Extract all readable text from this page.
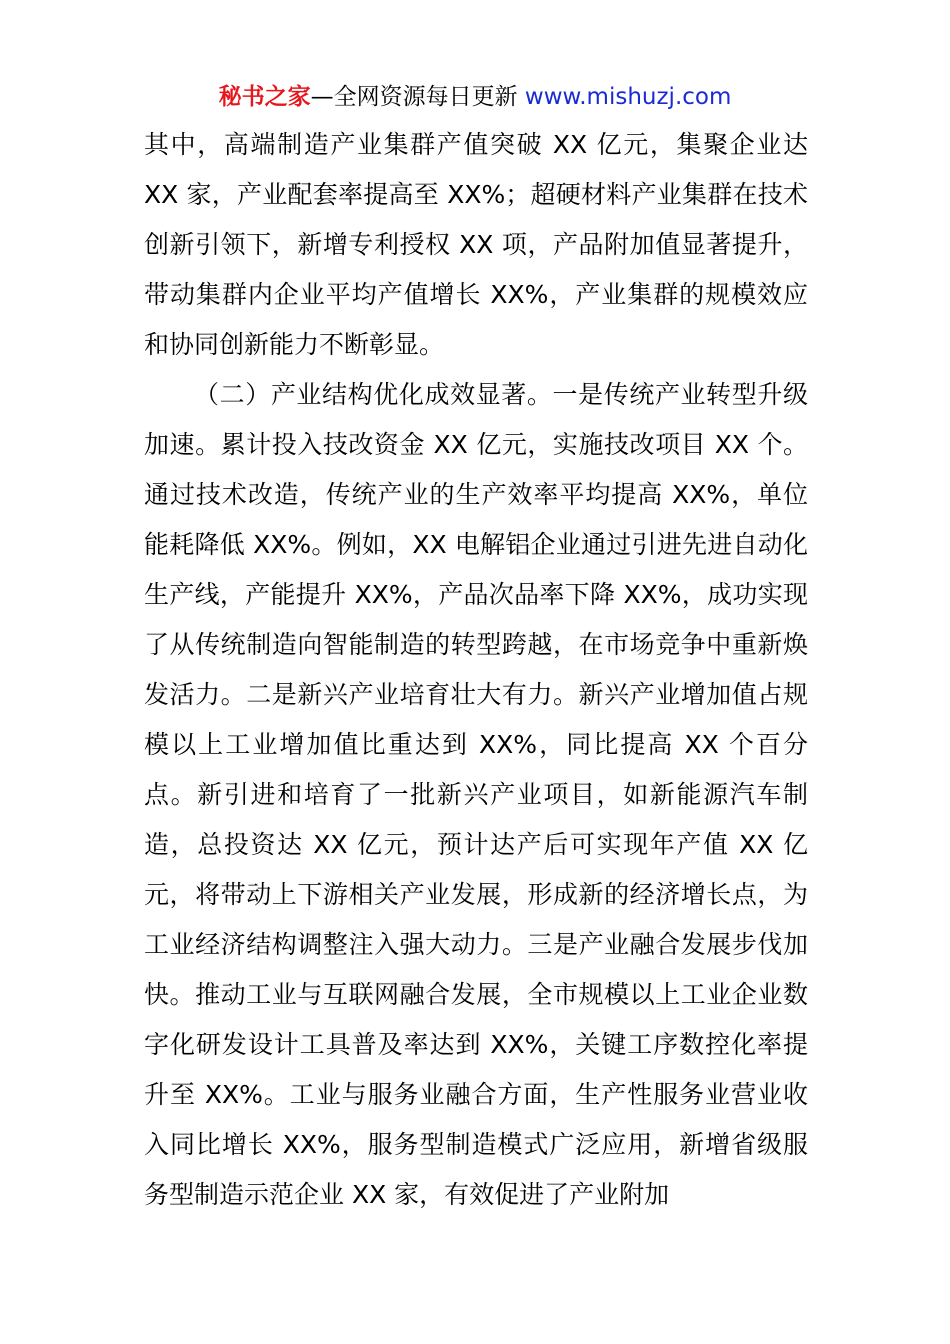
秘书之家—全网资源每日更新 www.mishuzj.com

其中，高端制造产业集群产值突破 XX 亿元，集聚企业达 XX 家，产业配套率提高至 XX%；超硬材料产业集群在技术创新引领下，新增专利授权 XX 项，产品附加值显著提升，带动集群内企业平均产值增长 XX%，产业集群的规模效应和协同创新能力不断彰显。

（二）产业结构优化成效显著。一是传统产业转型升级加速。累计投入技改资金 XX 亿元，实施技改项目 XX 个。通过技术改造，传统产业的生产效率平均提高 XX%，单位能耗降低 XX%。例如，XX 电解铝企业通过引进先进自动化生产线，产能提升 XX%，产品次品率下降 XX%，成功实现了从传统制造向智能制造的转型跨越，在市场竞争中重新焕发活力。二是新兴产业培育壮大有力。新兴产业增加值占规模以上工业增加值比重达到 XX%，同比提高 XX 个百分点。新引进和培育了一批新兴产业项目，如新能源汽车制造，总投资达 XX 亿元，预计达产后可实现年产值 XX 亿元，将带动上下游相关产业发展，形成新的经济增长点，为工业经济结构调整注入强大动力。三是产业融合发展步伐加快。推动工业与互联网融合发展，全市规模以上工业企业数字化研发设计工具普及率达到 XX%，关键工序数控化率提升至 XX%。工业与服务业融合方面，生产性服务业营业收入同比增长 XX%，服务型制造模式广泛应用，新增省级服务型制造示范企业 XX 家，有效促进了产业附加
